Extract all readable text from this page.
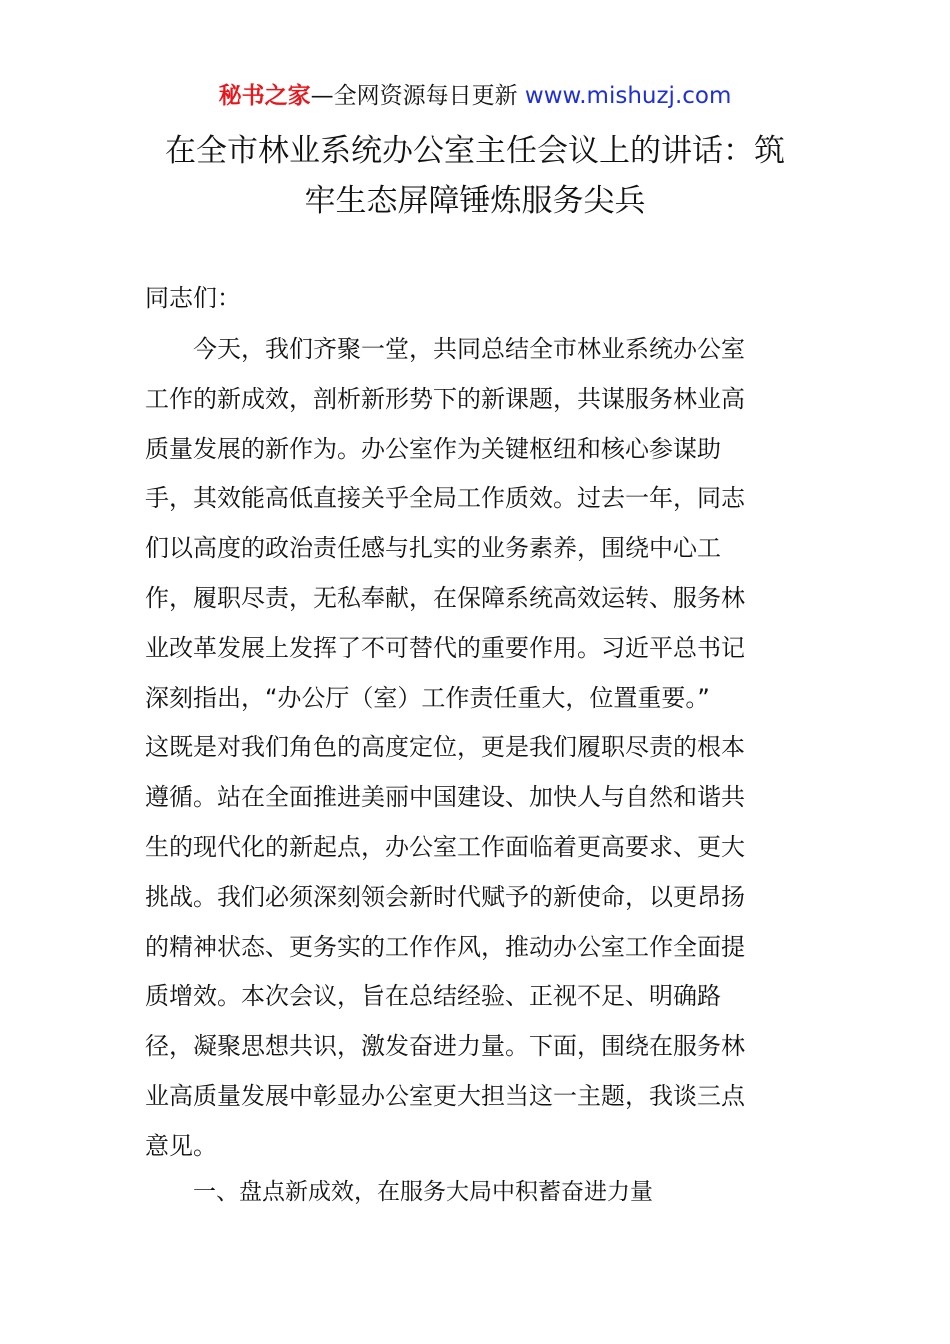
秘书之家—全网资源每日更新 www.mishuzj.com
在全市林业系统办公室主任会议上的讲话：筑
牢生态屏障锤炼服务尖兵
同志们：
今天，我们齐聚一堂，共同总结全市林业系统办公室
工作的新成效，剖析新形势下的新课题，共谋服务林业高
质量发展的新作为。办公室作为关键枢纽和核心参谋助
手，其效能高低直接关乎全局工作质效。过去一年，同志
们以高度的政治责任感与扎实的业务素养，围绕中心工
作，履职尽责，无私奉献，在保障系统高效运转、服务林
业改革发展上发挥了不可替代的重要作用。习近平总书记
深刻指出，“办公厅（室）工作责任重大，位置重要。”
这既是对我们角色的高度定位，更是我们履职尽责的根本
遵循。站在全面推进美丽中国建设、加快人与自然和谐共
生的现代化的新起点，办公室工作面临着更高要求、更大
挑战。我们必须深刻领会新时代赋予的新使命，以更昂扬
的精神状态、更务实的工作作风，推动办公室工作全面提
质增效。本次会议，旨在总结经验、正视不足、明确路
径，凝聚思想共识，激发奋进力量。下面，围绕在服务林
业高质量发展中彰显办公室更大担当这一主题，我谈三点
意见。
一、盘点新成效，在服务大局中积蓄奋进力量
